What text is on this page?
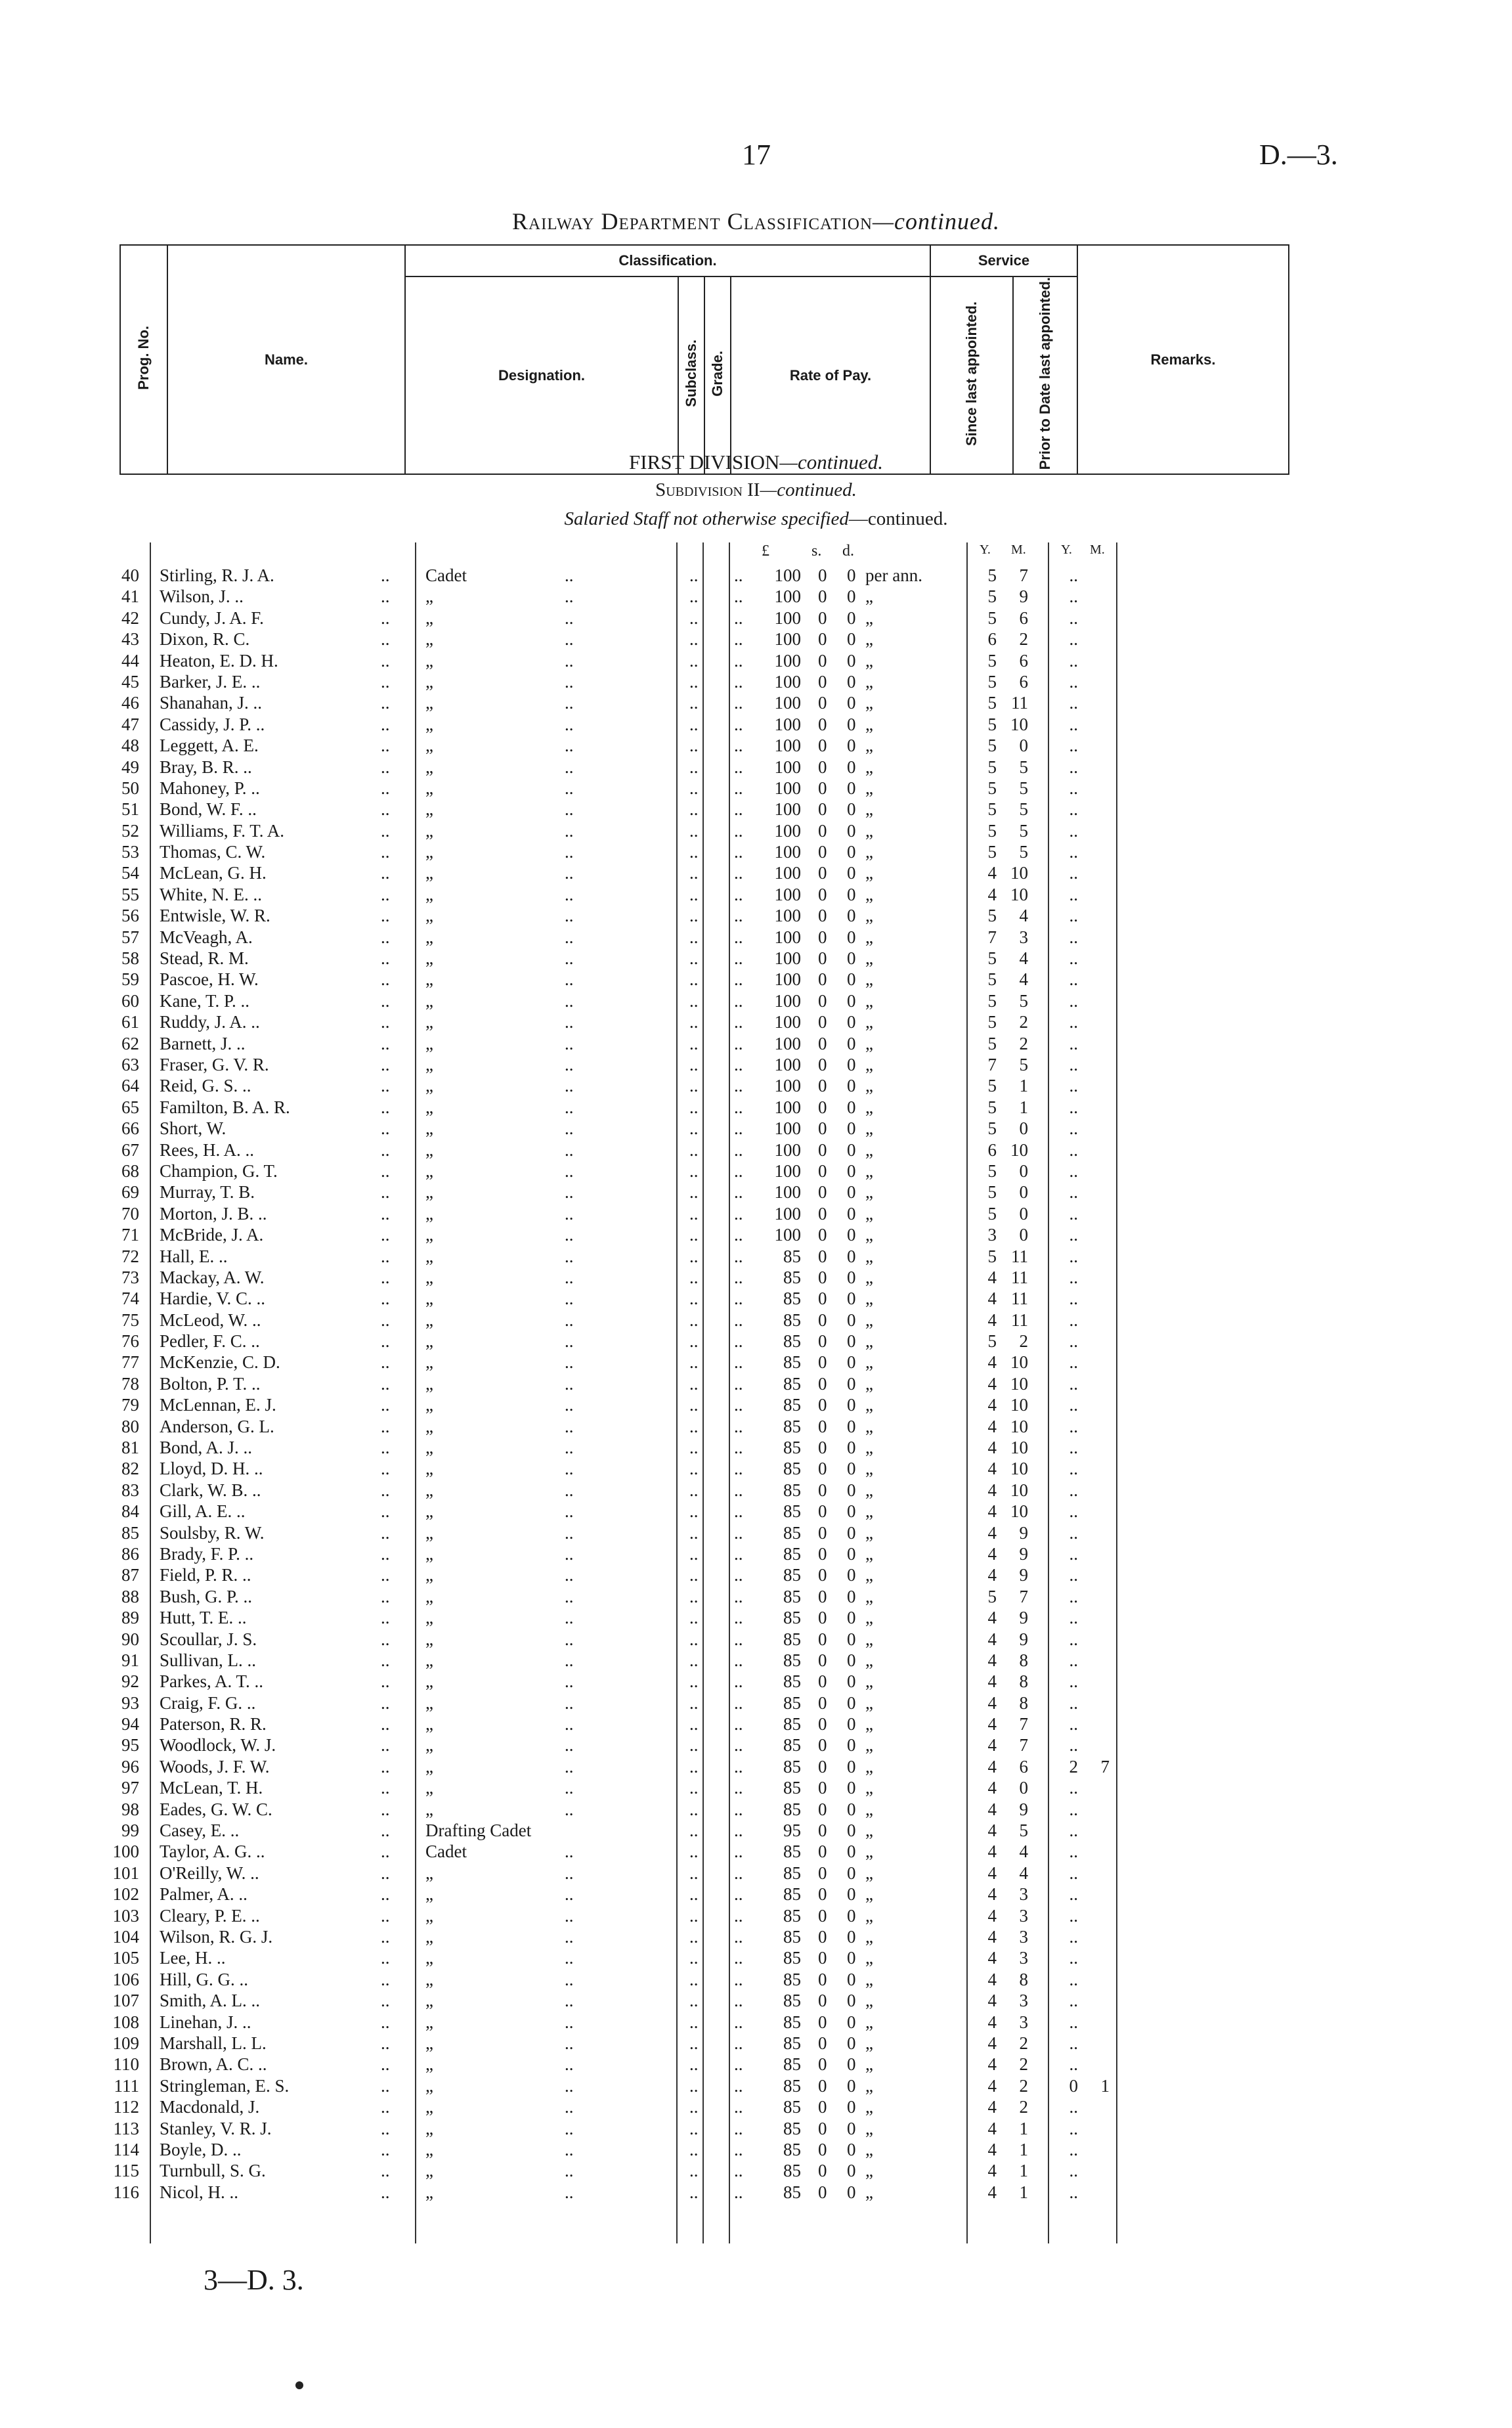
17	D.—3.
Railway Department Classification—continued.
Prog. No.	Name.	Classification.				Service		Remarks.
		Designation.	Subclass.	Grade.	Rate of Pay.	Since last appointed.	Prior to Date last appointed.	
FIRST DIVISION—continued.
Subdivision II—continued.
Salaried Staff not otherwise specified—continued.
£	s. d.	Y. M.	Y. M.
40 Stirling, R. J. A.	.. Cadet	..	.. ..	100 0 0 per ann.	5	7	..
41 Wilson, J. ..	.. „	..	.. ..	100 0 0 „	5	9	..
42 Cundy, J. A. F.	.. „	..	.. ..	100 0 0 „	5	6	..
43 Dixon, R. C.	.. „	..	.. ..	100 0 0 „	6	2	..
44 Heaton, E. D. H.	.. „	..	.. ..	100 0 0 „	5	6	..
45 Barker, J. E. ..	.. „	..	.. ..	100 0 0 „	5	6	..
46 Shanahan, J. ..	.. „	..	.. ..	100 0 0 „	5 11	..
47 Cassidy, J. P. ..	.. „	..	.. ..	100 0 0 „	5 10	..
48 Leggett, A. E.	.. „	..	.. ..	100 0 0 „	5	0	..
49 Bray, B. R. ..	.. „	..	.. ..	100 0 0 „	5	5	..
50 Mahoney, P. ..	.. „	..	.. ..	100 0 0 „	5	5	..
51 Bond, W. F. ..	.. „	..	.. ..	100 0 0 „	5	5	..
52 Williams, F. T. A.	.. „	..	.. ..	100 0 0 „	5	5	..
53 Thomas, C. W.	.. „	..	.. ..	100 0 0 „	5	5	..
54 McLean, G. H.	.. „	..	.. ..	100 0 0 „	4 10	..
55 White, N. E. ..	.. „	..	.. ..	100 0 0 „	4 10	..
56 Entwisle, W. R.	.. „	..	.. ..	100 0 0 „	5	4	..
57 McVeagh, A.	.. „	..	.. ..	100 0 0 „	7	3	..
58 Stead, R. M.	.. „	..	.. ..	100 0 0 „	5	4	..
59 Pascoe, H. W.	.. „	..	.. ..	100 0 0 „	5	4	..
60 Kane, T. P. ..	.. „	..	.. ..	100 0 0 „	5	5	..
61 Ruddy, J. A. ..	.. „	..	.. ..	100 0 0 „	5	2	..
62 Barnett, J. ..	.. „	..	.. ..	100 0 0 „	5	2	..
63 Fraser, G. V. R.	.. „	..	.. ..	100 0 0 „	7	5	..
64 Reid, G. S. ..	.. „	..	.. ..	100 0 0 „	5	1	..
65 Familton, B. A. R.	.. „	..	.. ..	100 0 0 „	5	1	..
66 Short, W.	.. „	..	.. ..	100 0 0 „	5	0	..
67 Rees, H. A. ..	.. „	..	.. ..	100 0 0 „	6 10	..
68 Champion, G. T.	.. „	..	.. ..	100 0 0 „	5	0	..
69 Murray, T. B.	.. „	..	.. ..	100 0 0 „	5	0	..
70 Morton, J. B. ..	.. „	..	.. ..	100 0 0 „	5	0	..
71 McBride, J. A.	.. „	..	.. ..	100 0 0 „	3	0	..
72 Hall, E. ..	.. „	..	.. ..	85 0 0 „	5 11	..
73 Mackay, A. W.	.. „	..	.. ..	85 0 0 „	4 11	..
74 Hardie, V. C. ..	.. „	..	.. ..	85 0 0 „	4 11	..
75 McLeod, W. ..	.. „	..	.. ..	85 0 0 „	4 11	..
76 Pedler, F. C. ..	.. „	..	.. ..	85 0 0 „	5	2	..
77 McKenzie, C. D.	.. „	..	.. ..	85 0 0 „	4 10	..
78 Bolton, P. T. ..	.. „	..	.. ..	85 0 0 „	4 10	..
79 McLennan, E. J.	.. „	..	.. ..	85 0 0 „	4 10	..
80 Anderson, G. L.	.. „	..	.. ..	85 0 0 „	4 10	..
81 Bond, A. J. ..	.. „	..	.. ..	85 0 0 „	4 10	..
82 Lloyd, D. H. ..	.. „	..	.. ..	85 0 0 „	4 10	..
83 Clark, W. B. ..	.. „	..	.. ..	85 0 0 „	4 10	..
84 Gill, A. E. ..	.. „	..	.. ..	85 0 0 „	4 10	..
85 Soulsby, R. W.	.. „	..	.. ..	85 0 0 „	4	9	..
86 Brady, F. P. ..	.. „	..	.. ..	85 0 0 „	4	9	..
87 Field, P. R. ..	.. „	..	.. ..	85 0 0 „	4	9	..
88 Bush, G. P. ..	.. „	..	.. ..	85 0 0 „	5	7	..
89 Hutt, T. E. ..	.. „	..	.. ..	85 0 0 „	4	9	..
90 Scoullar, J. S.	.. „	..	.. ..	85 0 0 „	4	9	..
91 Sullivan, L. ..	.. „	..	.. ..	85 0 0 „	4	8	..
92 Parkes, A. T. ..	.. „	..	.. ..	85 0 0 „	4	8	..
93 Craig, F. G. ..	.. „	..	.. ..	85 0 0 „	4	8	..
94 Paterson, R. R.	.. „	..	.. ..	85 0 0 „	4	7	..
95 Woodlock, W. J.	.. „	..	.. ..	85 0 0 „	4	7	..
96 Woods, J. F. W.	.. „	..	.. ..	85 0 0 „	4	6	2	7
97 McLean, T. H.	.. „	..	.. ..	85 0 0 „	4	0	..
98 Eades, G. W. C.	.. „	..	.. ..	85 0 0 „	4	9	..
99 Casey, E. ..	.. Drafting Cadet	.. ..	95 0 0 „	4	5	..
100 Taylor, A. G. ..	.. Cadet	..	.. ..	85 0 0 „	4	4	..
101 O'Reilly, W. ..	.. „	..	.. ..	85 0 0 „	4	4	..
102 Palmer, A. ..	.. „	..	.. ..	85 0 0 „	4	3	..
103 Cleary, P. E. ..	.. „	..	.. ..	85 0 0 „	4	3	..
104 Wilson, R. G. J.	.. „	..	.. ..	85 0 0 „	4	3	..
105 Lee, H. ..	.. „	..	.. ..	85 0 0 „	4	3	..
106 Hill, G. G. ..	.. „	..	.. ..	85 0 0 „	4	8	..
107 Smith, A. L. ..	.. „	..	.. ..	85 0 0 „	4	3	..
108 Linehan, J. ..	.. „	..	.. ..	85 0 0 „	4	3	..
109 Marshall, L. L.	.. „	..	.. ..	85 0 0 „	4	2	..
110 Brown, A. C. ..	.. „	..	.. ..	85 0 0 „	4	2	..
111 Stringleman, E. S.	.. „	..	.. ..	85 0 0 „	4	2	0	1
112 Macdonald, J.	.. „	..	.. ..	85 0 0 „	4	2	..
113 Stanley, V. R. J.	.. „	..	.. ..	85 0 0 „	4	1	..
114 Boyle, D. ..	.. „	..	.. ..	85 0 0 „	4	1	..
115 Turnbull, S. G.	.. „	..	.. ..	85 0 0 „	4	1	..
116 Nicol, H. ..	.. „	..	.. ..	85 0 0 „	4	1	..
3—D. 3.
